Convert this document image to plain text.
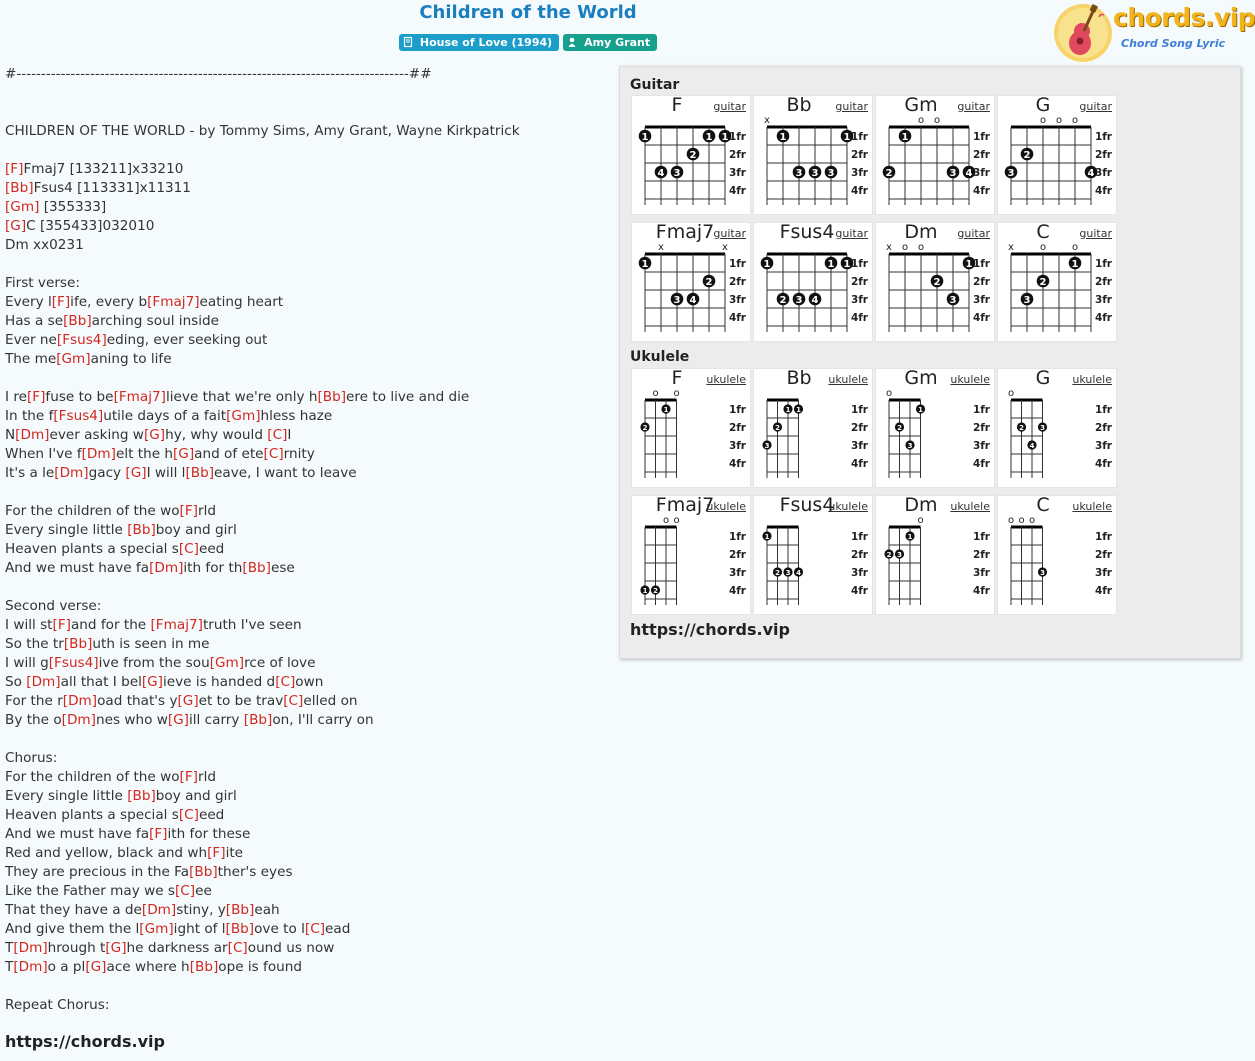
Children of the World
House of Love (1994)	Amy Grant
chords.vip
Chord Song Lyric
#--------------------------------------------------------------------------------##
CHILDREN OF THE WORLD - by Tommy Sims, Amy Grant, Wayne Kirkpatrick
[F]Fmaj7 [133211]x33210
[Bb]Fsus4 [113331]x11311
[Gm] [355333]
[G]C [355433]032010
Dm xx0231
First verse:
Every l[F]ife, every b[Fmaj7]eating heart
Has a se[Bb]arching soul inside
Ever ne[Fsus4]eding, ever seeking out
The me[Gm]aning to life
I re[F]fuse to be[Fmaj7]lieve that we're only h[Bb]ere to live and die
In the f[Fsus4]utile days of a fait[Gm]hless haze
N[Dm]ever asking w[G]hy, why would [C]I
When I've f[Dm]elt the h[G]and of ete[C]rnity
It's a le[Dm]gacy [G]I will l[Bb]eave, I want to leave
For the children of the wo[F]rld
Every single little [Bb]boy and girl
Heaven plants a special s[C]eed
And we must have fa[Dm]ith for th[Bb]ese
Second verse:
I will st[F]and for the [Fmaj7]truth I've seen
So the tr[Bb]uth is seen in me
I will g[Fsus4]ive from the sou[Gm]rce of love
So [Dm]all that I bel[G]ieve is handed d[C]own
For the r[Dm]oad that's y[G]et to be trav[C]elled on
By the o[Dm]nes who w[G]ill carry [Bb]on, I'll carry on
Chorus:
For the children of the wo[F]rld
Every single little [Bb]boy and girl
Heaven plants a special s[C]eed
And we must have fa[F]ith for these
Red and yellow, black and wh[F]ite
They are precious in the Fa[Bb]ther's eyes
Like the Father may we s[C]ee
That they have a de[Dm]stiny, y[Bb]eah
And give them the l[Gm]ight of l[Bb]ove to l[C]ead
T[Dm]hrough t[G]he darkness ar[C]ound us now
T[Dm]o a pl[G]ace where h[Bb]ope is found
Repeat Chorus:
https://chords.vip
Guitar
Ukulele
https://chords.vip
1
2
3
4
1 1 1fr
2fr
3fr
4fr
F	guitar
x
1
3 3 3
1 1fr
2fr
3fr
4fr
Bb	guitar
o o
1
2	3 4
1fr
2fr
3fr
4fr
Gm	guitar
o o o
2
3	4
1fr
2fr
3fr
4fr
G	guitar
x	x
1
3 4
2
1fr
2fr
3fr
4fr
Fmaj7 guitar
1
2 3 4
1 1 1fr
2fr
3fr
4fr
Fsus4 guitar
x o o
2
3
1 1fr
2fr
3fr
4fr
Dm	guitar
x	o	o
3
2
1 1fr
2fr
3fr
4fr
C	guitar
o o
2
1	1fr
2fr
3fr
4fr
F	ukulele
3
2
1 1	1fr
2fr
3fr
4fr
Bb	ukulele
o
2
3
1	1fr
2fr
3fr
4fr
Gm	ukulele
o
2
4
3
1fr
2fr
3fr
4fr
G	ukulele
o o
1 2
1fr
2fr
3fr
4fr
Fmaj7
ukulele
1
2 3 4
1fr
2fr
3fr
4fr
Fsus4
ukulele
o
2 3
1	1fr
2fr
3fr
4fr
Dm	ukulele
o o o
3
1fr
2fr
3fr
4fr
C	ukulele
